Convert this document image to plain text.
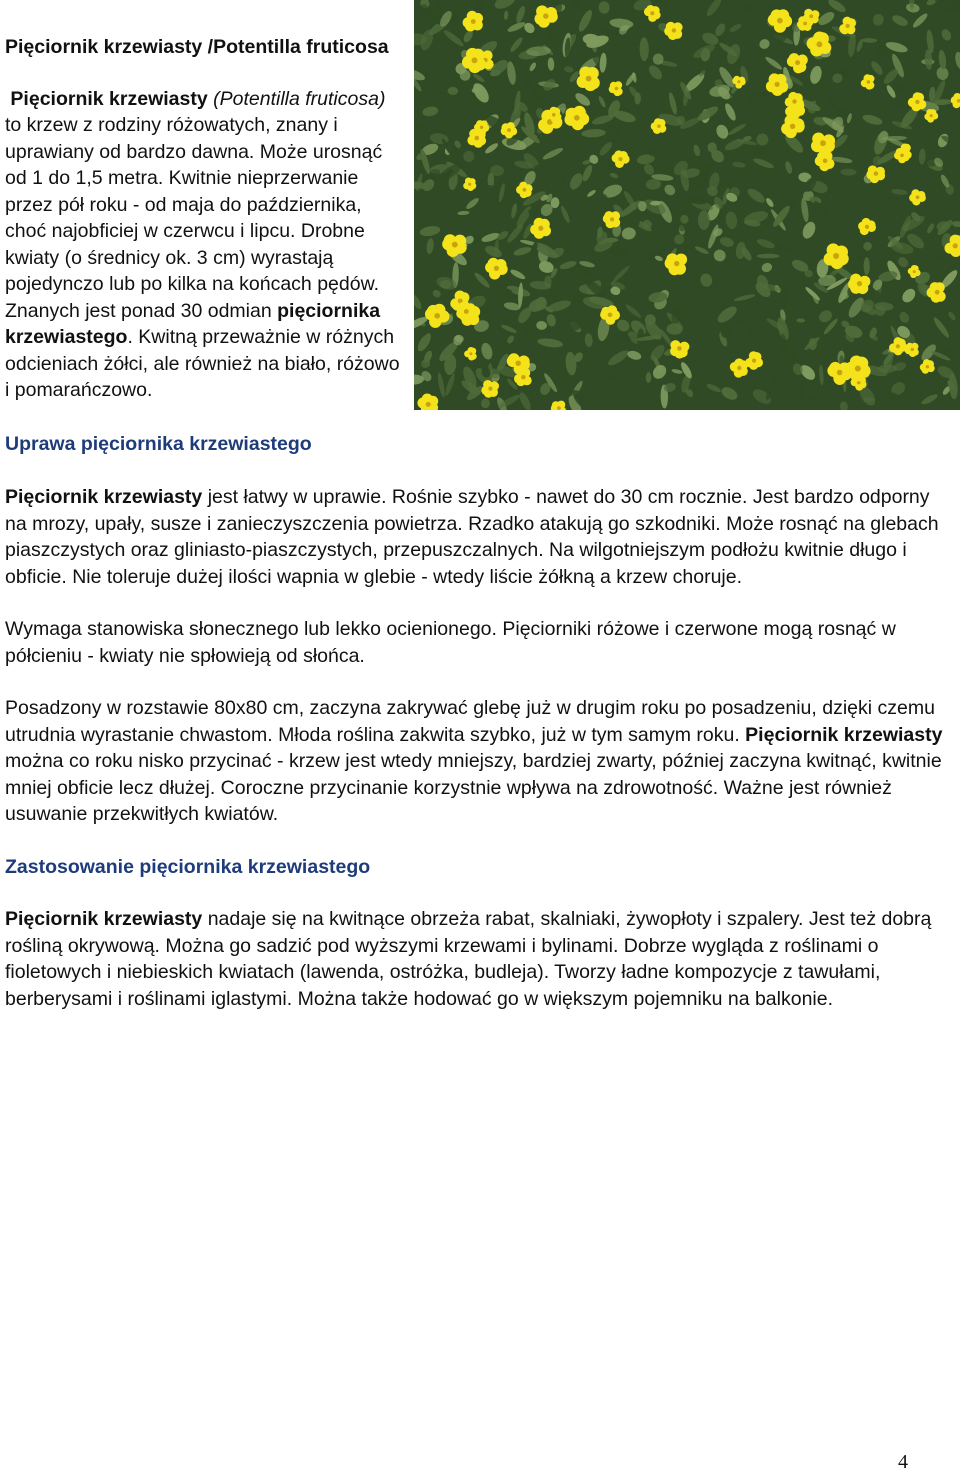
Pięciornik krzewiasty /Potentilla fruticosa

Pięciornik krzewiasty (Potentilla fruticosa) to krzew z rodziny różowatych, znany i uprawiany od bardzo dawna. Może urosnąć od 1 do 1,5 metra. Kwitnie nieprzerwanie przez pół roku - od maja do października, choć najobficiej w czerwcu i lipcu. Drobne kwiaty (o średnicy ok. 3 cm) wyrastają pojedynczo lub po kilka na końcach pędów. Znanych jest ponad 30 odmian pięciornika krzewiastego. Kwitną przeważnie w różnych odcieniach żółci, ale również na biało, różowo i pomarańczowo.

Uprawa pięciornika krzewiastego

Pięciornik krzewiasty jest łatwy w uprawie. Rośnie szybko - nawet do 30 cm rocznie. Jest bardzo odporny na mrozy, upały, susze i zanieczyszczenia powietrza. Rzadko atakują go szkodniki. Może rosnąć na glebach piaszczystych oraz gliniasto-piaszczystych, przepuszczalnych. Na wilgotniejszym podłożu kwitnie długo i obficie. Nie toleruje dużej ilości wapnia w glebie - wtedy liście żółkną a krzew choruje.

Wymaga stanowiska słonecznego lub lekko ocienionego. Pięciorniki różowe i czerwone mogą rosnąć w półcieniu - kwiaty nie spłowieją od słońca.

Posadzony w rozstawie 80x80 cm, zaczyna zakrywać glebę już w drugim roku po posadzeniu, dzięki czemu utrudnia wyrastanie chwastom. Młoda roślina zakwita szybko, już w tym samym roku. Pięciornik krzewiasty można co roku nisko przycinać - krzew jest wtedy mniejszy, bardziej zwarty, później zaczyna kwitnąć, kwitnie mniej obficie lecz dłużej. Coroczne przycinanie korzystnie wpływa na zdrowotność. Ważne jest również usuwanie przekwitłych kwiatów.

Zastosowanie pięciornika krzewiastego

Pięciornik krzewiasty nadaje się na kwitnące obrzeża rabat, skalniaki, żywopłoty i szpalery. Jest też dobrą rośliną okrywową. Można go sadzić pod wyższymi krzewami i bylinami. Dobrze wygląda z roślinami o fioletowych i niebieskich kwiatach (lawenda, ostróżka, budleja). Tworzy ładne kompozycje z tawułami, berberysami i roślinami iglastymi. Można także hodować go w większym pojemniku na balkonie.

4
